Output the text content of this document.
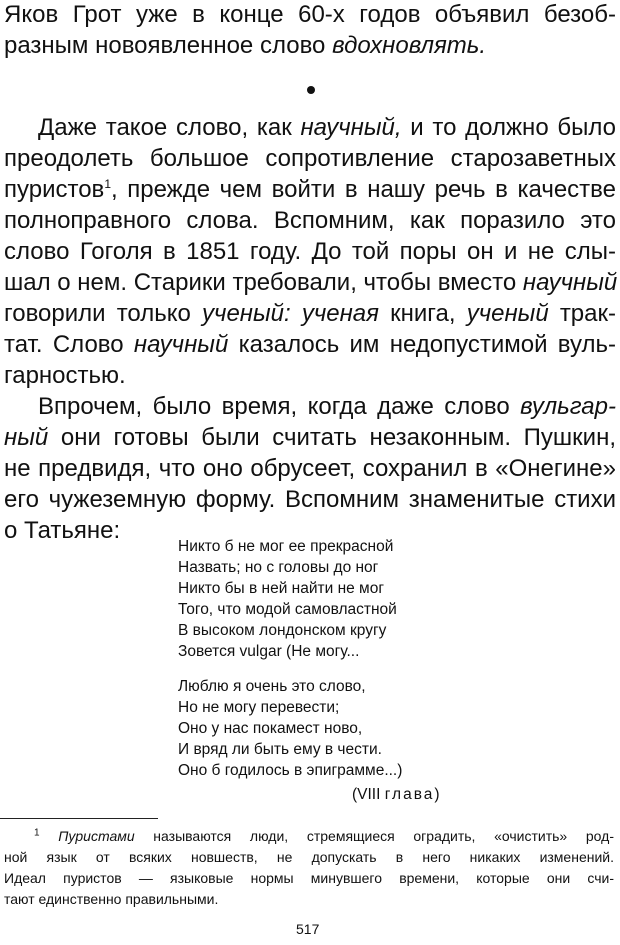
Яков Грот уже в конце 60-х годов объявил безоб-
разным новоявленное слово вдохновлять.
Даже такое слово, как научный, и то должно было
преодолеть большое сопротивление старозаветных
пуристов$^1$, прежде чем войти в нашу речь в качестве
полноправного слова. Вспомним, как поразило это
слово Гоголя в 1851 году. До той поры он и не слы-
шал о нем. Старики требовали, чтобы вместо научный
говорили только ученый: ученая книга, ученый трак-
тат. Слово научный казалось им недопустимой вуль-
гарностью.
Впрочем, было время, когда даже слово вульгар-
ный они готовы были считать незаконным. Пушкин,
не предвидя, что оно обрусеет, сохранил в «Онегине»
его чужеземную форму. Вспомним знаменитые стихи
о Татьяне:
Никто б не мог ее прекрасной
Назвать; но с головы до ног
Никто бы в ней найти не мог
Того, что модой самовластной
В высоком лондонском кругу
Зовется vulgar (Не могу...
Люблю я очень это слово,
Но не могу перевести;
Оно у нас покамест ново,
И вряд ли быть ему в чести.
Оно б годилось в эпиграмме...)
(VIII глава)
$^1$ Пуристами называются люди, стремящиеся оградить, «очистить» род-
ной язык от всяких новшеств, не допускать в него никаких изменений.
Идеал пуристов — языковые нормы минувшего времени, которые они счи-
тают единственно правильными.
517
